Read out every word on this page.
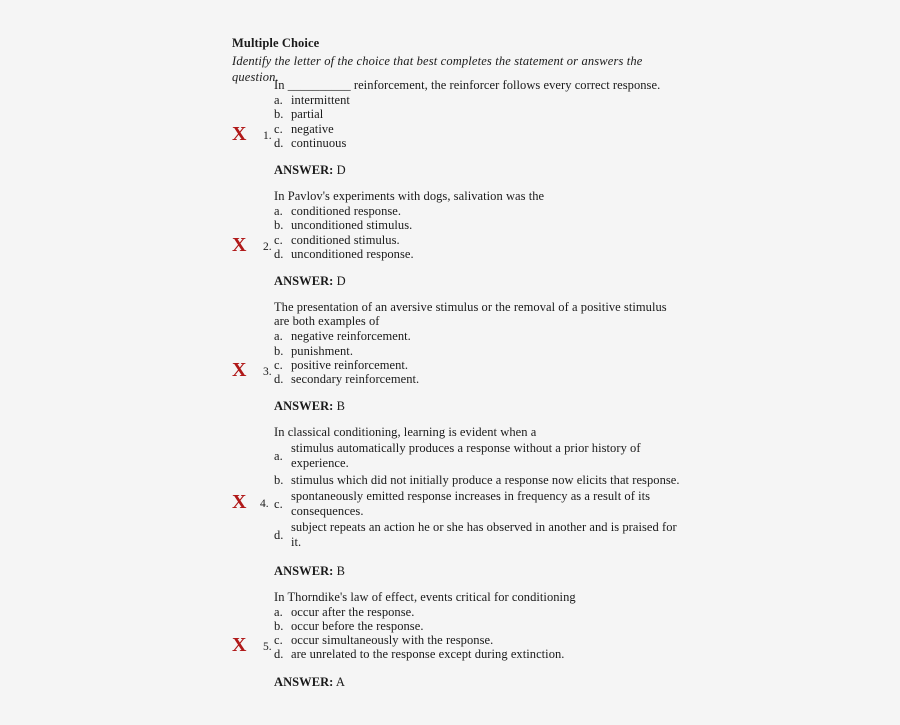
Multiple Choice
Identify the letter of the choice that best completes the statement or answers the question.
In __________ reinforcement, the reinforcer follows every correct response.
a. intermittent
b. partial
c. negative
d. continuous
ANSWER: D
X 1.
In Pavlov's experiments with dogs, salivation was the
a. conditioned response.
b. unconditioned stimulus.
c. conditioned stimulus.
d. unconditioned response.
ANSWER: D
X 2.
The presentation of an aversive stimulus or the removal of a positive stimulus are both examples of
a. negative reinforcement.
b. punishment.
c. positive reinforcement.
d. secondary reinforcement.
ANSWER: B
X 3.
In classical conditioning, learning is evident when a
a.
stimulus automatically produces a response without a prior history of experience.
b. stimulus which did not initially produce a response now elicits that response.
c.
spontaneously emitted response increases in frequency as a result of its consequences.
d.
subject repeats an action he or she has observed in another and is praised for it.
ANSWER: B
X 4.
In Thorndike's law of effect, events critical for conditioning
a. occur after the response.
b. occur before the response.
c. occur simultaneously with the response.
d. are unrelated to the response except during extinction.
ANSWER: A
X 5.
